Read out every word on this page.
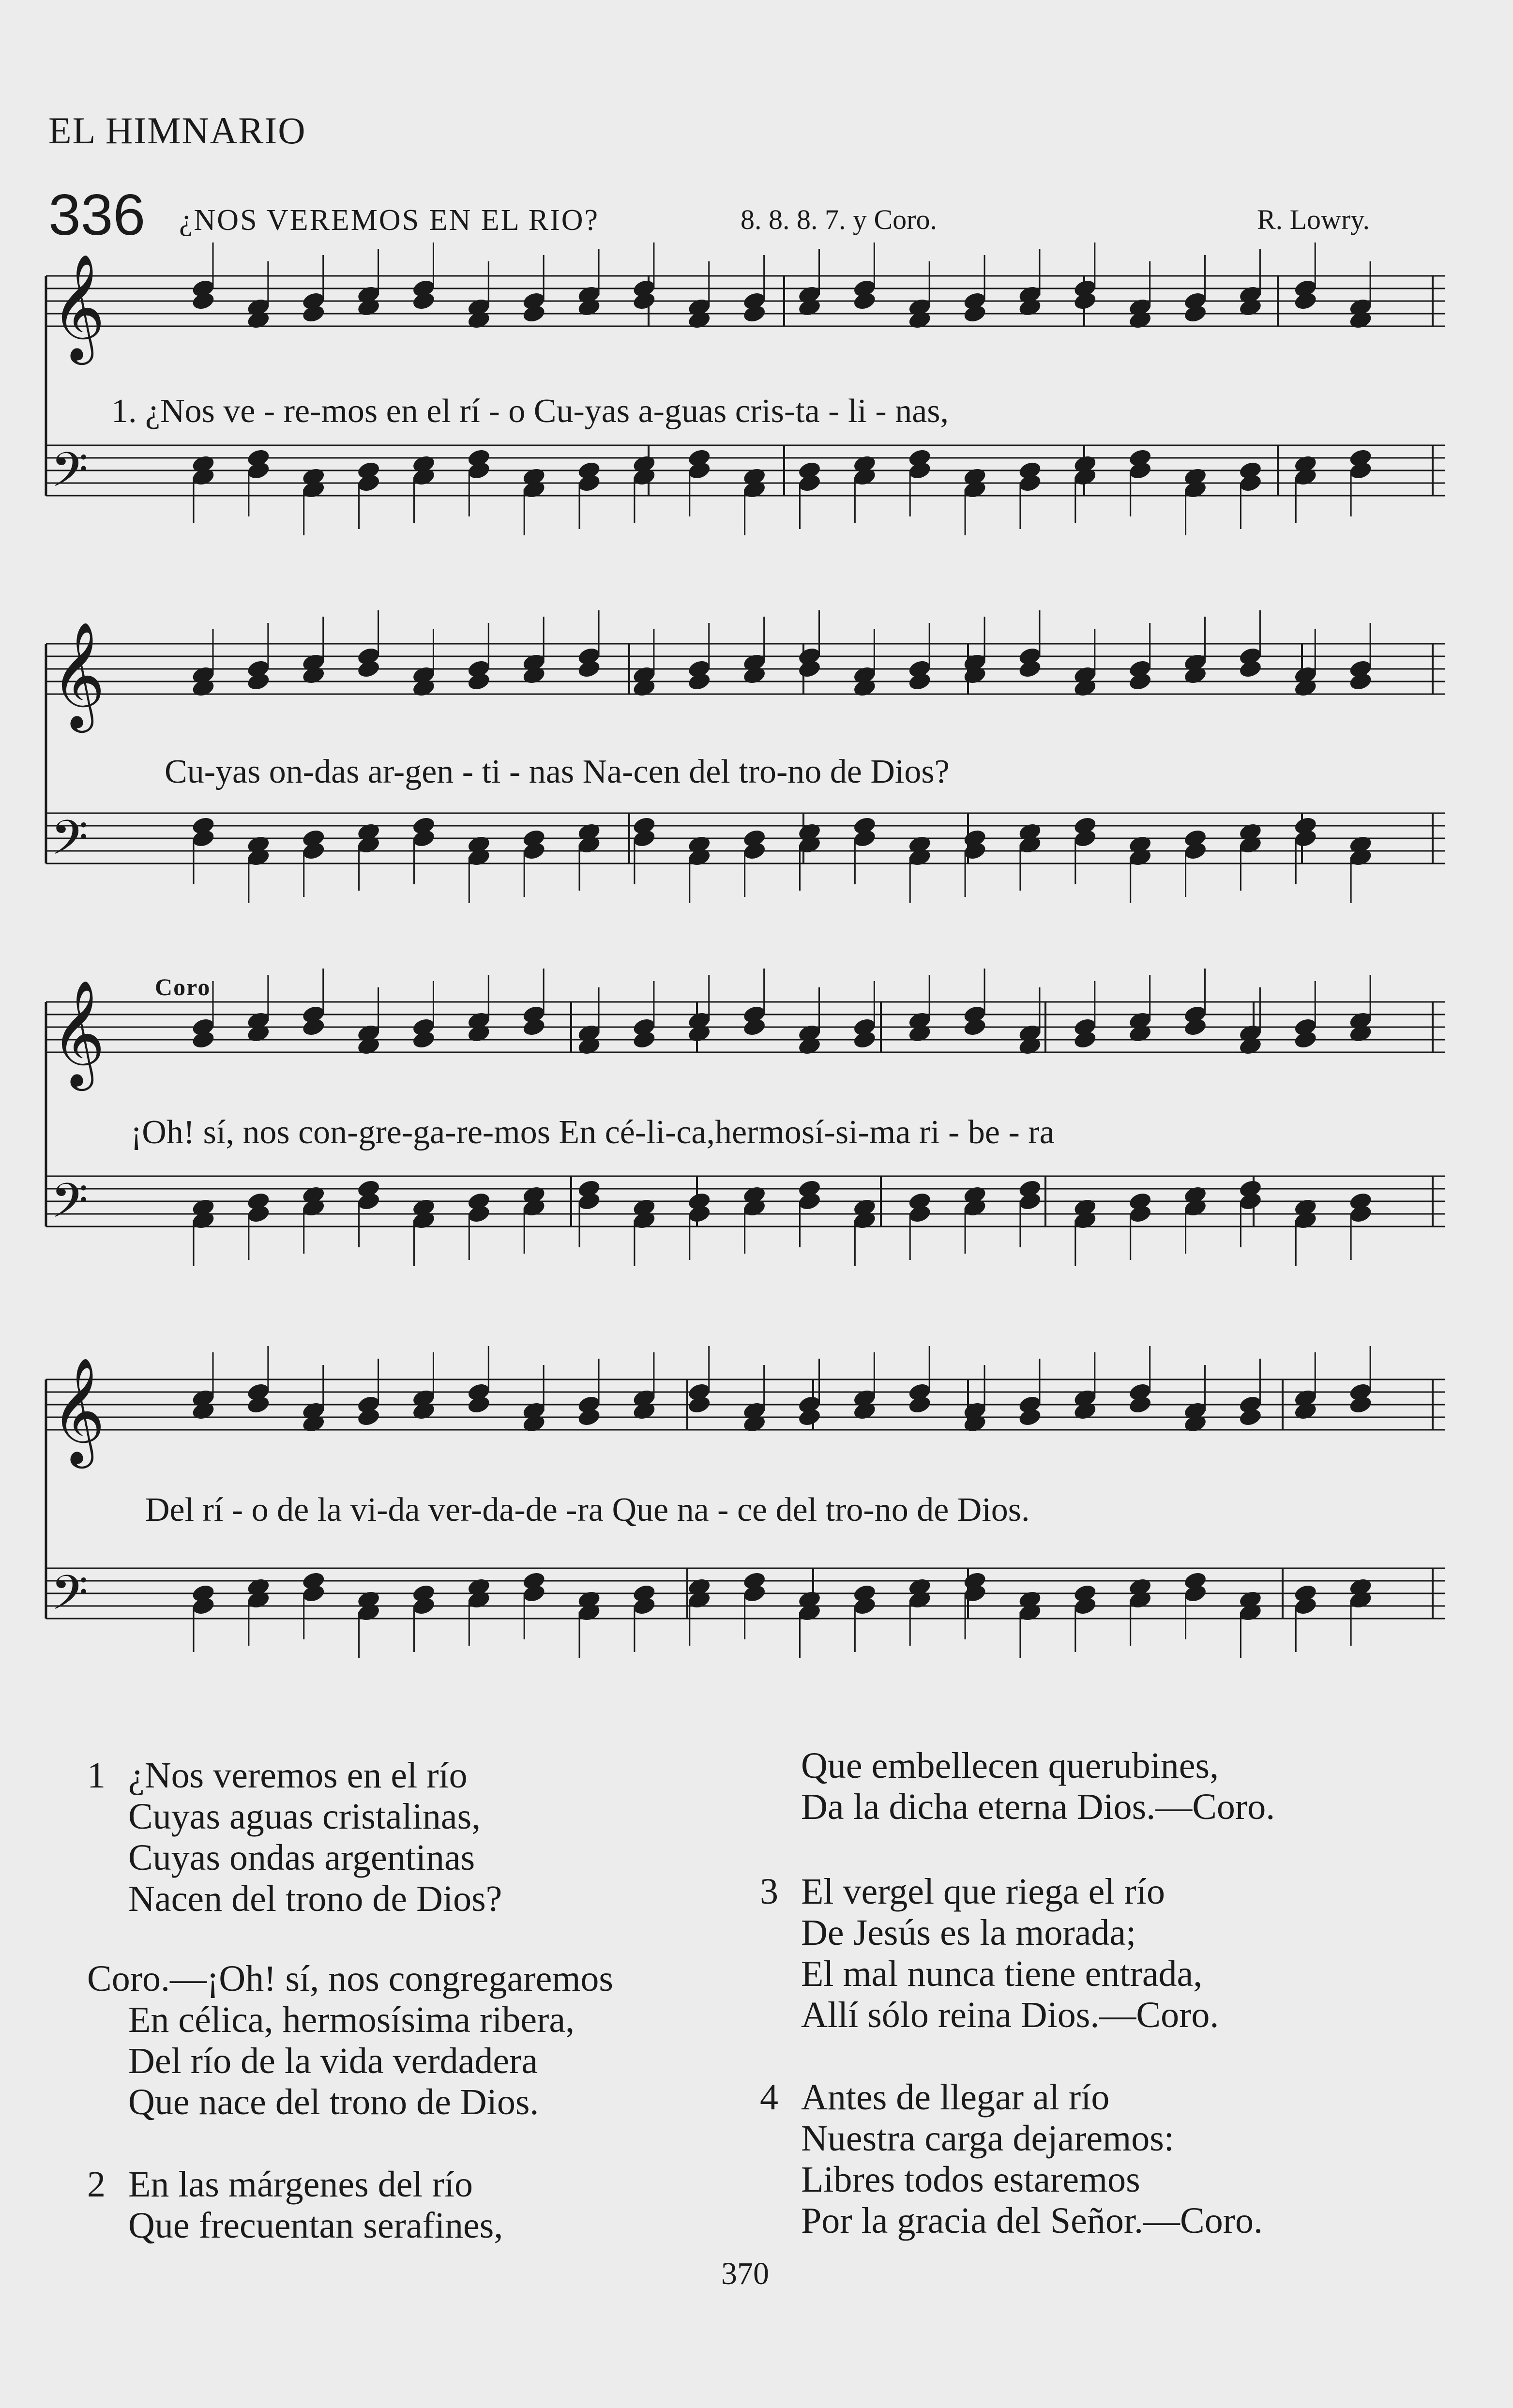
EL HIMNARIO
336 ¿NOS VEREMOS EN EL RIO?	8. 8. 8. 7. y Coro.	R. Lowry.
𝄞
𝄢
𝄞
𝄢
𝄞
𝄢
𝄞
𝄢
1. ¿Nos ve - re-mos en el rí - o Cu-yas a-guas cris-ta - li - nas,
Cu-yas on-das ar-gen - ti - nas Na-cen del tro-no de Dios?
Coro
¡Oh! sí, nos con-gre-ga-re-mos En cé-li-ca,hermosí-si-ma ri - be - ra
Del rí - o de la vi-da ver-da-de -ra Que na - ce del tro-no de Dios.
1 ¿Nos veremos en el río
Cuyas aguas cristalinas,
Cuyas ondas argentinas
Nacen del trono de Dios?
Coro.—¡Oh! sí, nos congregaremos
En célica, hermosísima ribera,
Del río de la vida verdadera
Que nace del trono de Dios.
2 En las márgenes del río
Que frecuentan serafines,
Que embellecen querubines,
Da la dicha eterna Dios.—Coro.
3 El vergel que riega el río
De Jesús es la morada;
El mal nunca tiene entrada,
Allí sólo reina Dios.—Coro.
4 Antes de llegar al río
Nuestra carga dejaremos:
Libres todos estaremos
Por la gracia del Señor.—Coro.
370
